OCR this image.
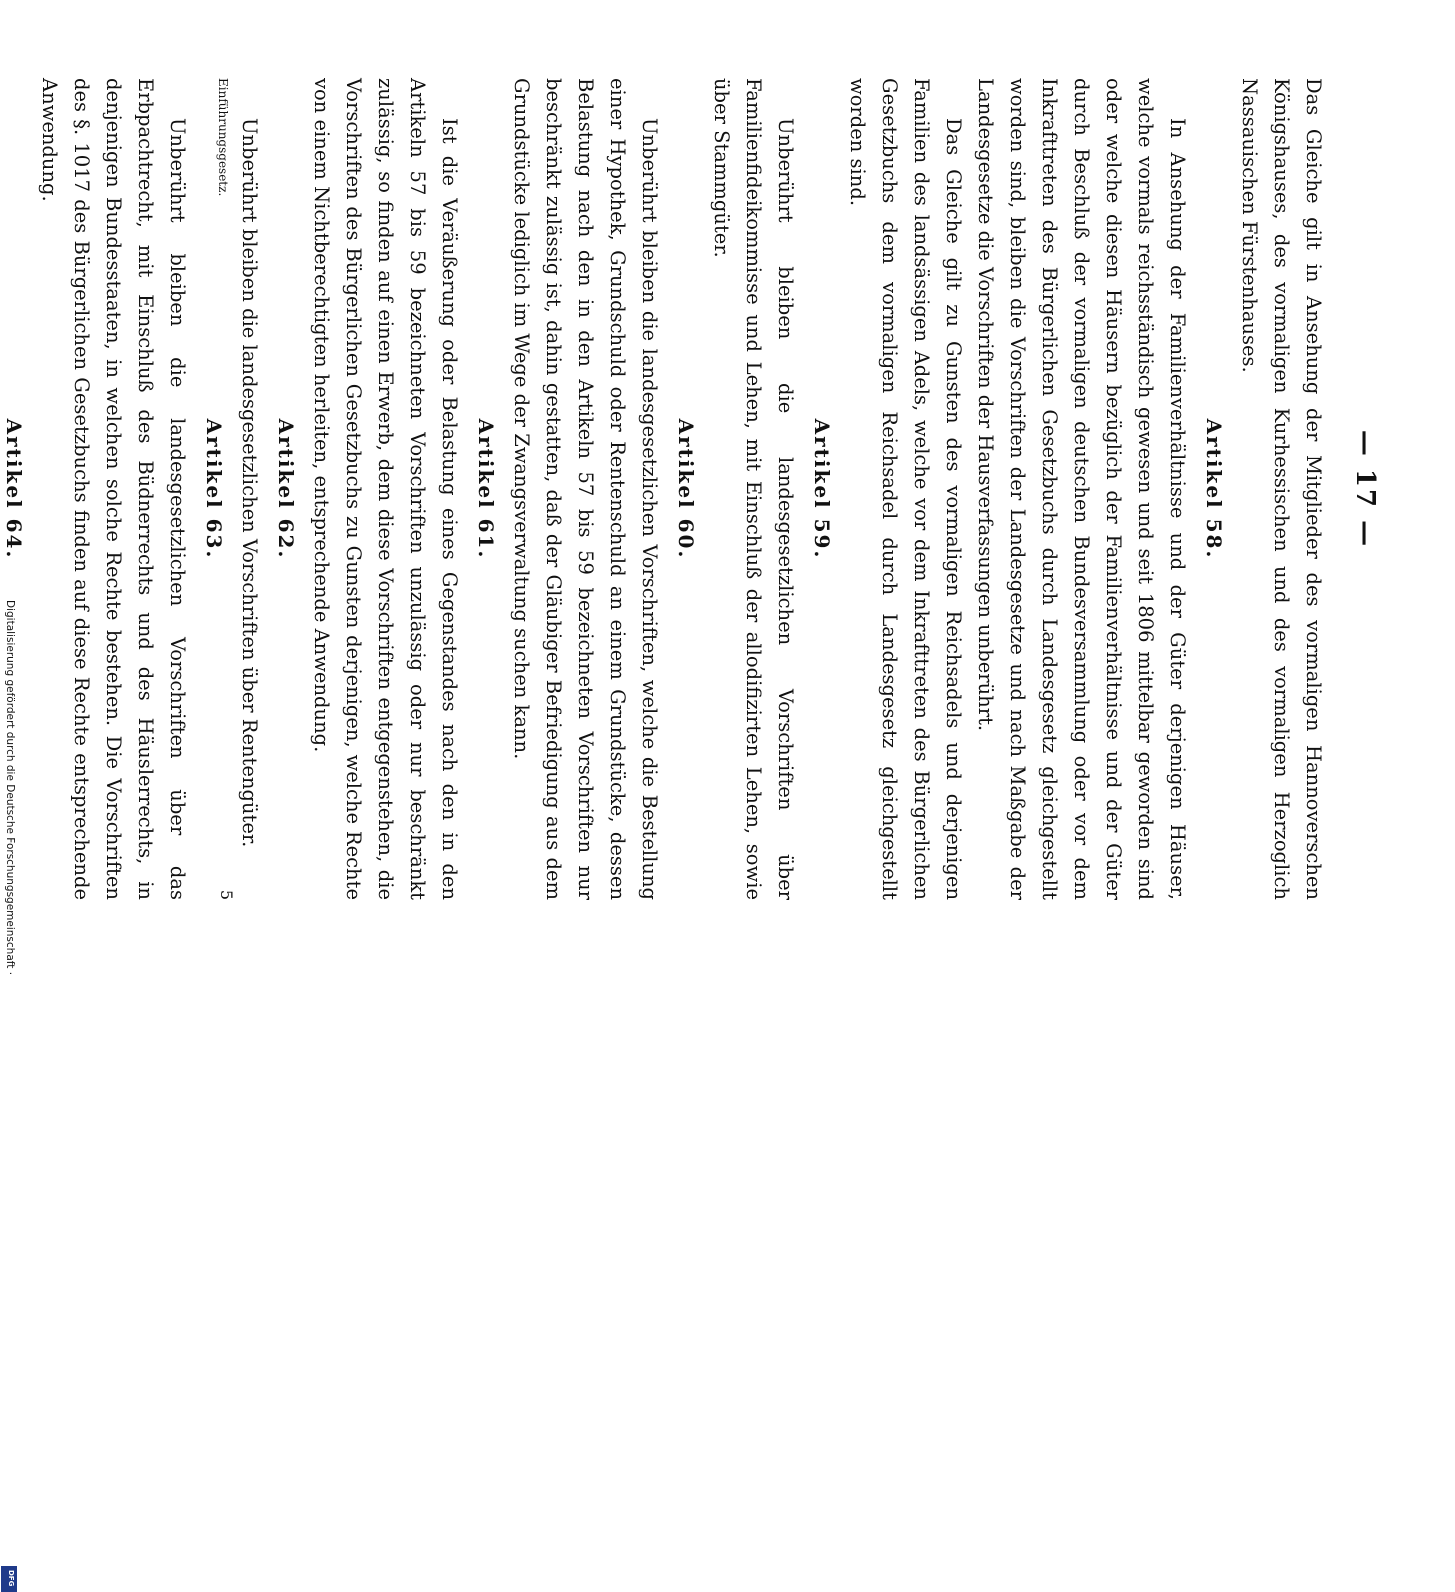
— 17 —

Das Gleiche gilt in Ansehung der Mitglieder des vormaligen Hannoverschen Königshauses, des vormaligen Kurhessischen und des vormaligen Herzoglich Nassauischen Fürstenhauses.

Artikel 58.

In Ansehung der Familienverhältnisse und der Güter derjenigen Häuser, welche vormals reichsständisch gewesen und seit 1806 mittelbar geworden sind oder welche diesen Häusern bezüglich der Familienverhältnisse und der Güter durch Beschluß der vormaligen deutschen Bundesversammlung oder vor dem Inkrafttreten des Bürgerlichen Gesetzbuchs durch Landesgesetz gleichgestellt worden sind, bleiben die Vorschriften der Landesgesetze und nach Maßgabe der Landesgesetze die Vorschriften der Hausverfassungen unberührt.

Das Gleiche gilt zu Gunsten des vormaligen Reichsadels und derjenigen Familien des landsässigen Adels, welche vor dem Inkrafttreten des Bürgerlichen Gesetzbuchs dem vormaligen Reichsadel durch Landesgesetz gleichgestellt worden sind.

Artikel 59.

Unberührt bleiben die landesgesetzlichen Vorschriften über Familienfideikommisse und Lehen, mit Einschluß der allodifizirten Lehen, sowie über Stammgüter.

Artikel 60.

Unberührt bleiben die landesgesetzlichen Vorschriften, welche die Bestellung einer Hypothek, Grundschuld oder Rentenschuld an einem Grundstücke, dessen Belastung nach den in den Artikeln 57 bis 59 bezeichneten Vorschriften nur beschränkt zulässig ist, dahin gestatten, daß der Gläubiger Befriedigung aus dem Grundstücke lediglich im Wege der Zwangsverwaltung suchen kann.

Artikel 61.

Ist die Veräußerung oder Belastung eines Gegenstandes nach den in den Artikeln 57 bis 59 bezeichneten Vorschriften unzulässig oder nur beschränkt zulässig, so finden auf einen Erwerb, dem diese Vorschriften entgegenstehen, die Vorschriften des Bürgerlichen Gesetzbuchs zu Gunsten derjenigen, welche Rechte von einem Nichtberechtigten herleiten, entsprechende Anwendung.

Artikel 62.

Unberührt bleiben die landesgesetzlichen Vorschriften über Rentengüter.

Artikel 63.

Unberührt bleiben die landesgesetzlichen Vorschriften über das Erbpachtrecht, mit Einschluß des Büdnerrechts und des Häuslerrechts, in denjenigen Bundesstaaten, in welchen solche Rechte bestehen. Die Vorschriften des §. 1017 des Bürgerlichen Gesetzbuchs finden auf diese Rechte entsprechende Anwendung.

Artikel 64.

Einführungsgesetz.
5
Digitalisierung gefördert durch die Deutsche Forschungsgemeinschaft ·
DFG
